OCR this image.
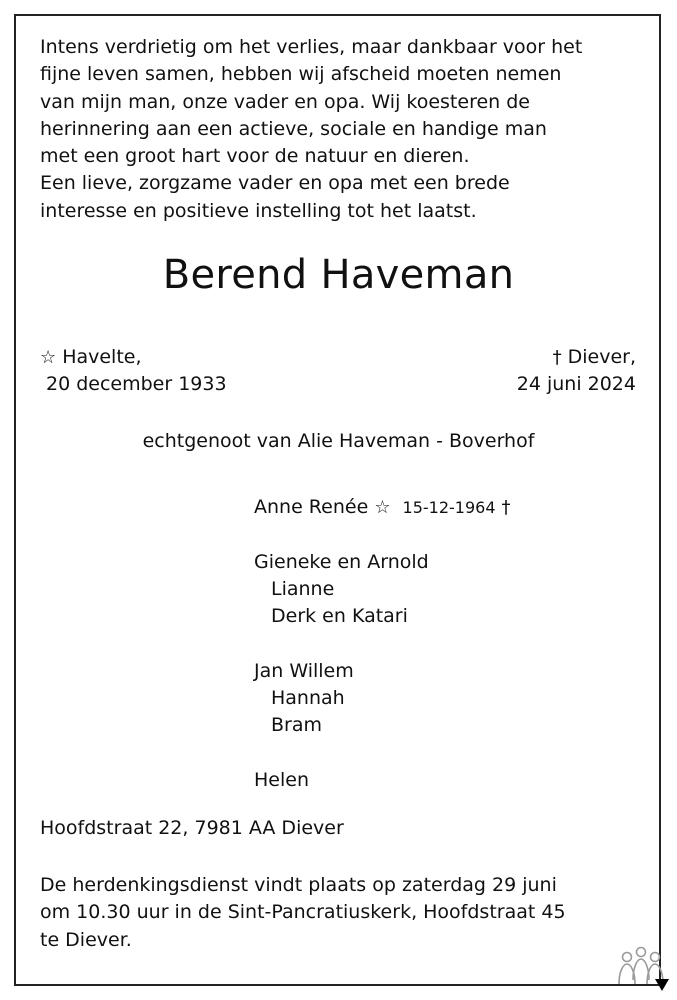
Intens verdrietig om het verlies, maar dankbaar voor het
fijne leven samen, hebben wij afscheid moeten nemen
van mijn man, onze vader en opa. Wij koesteren de
herinnering aan een actieve, sociale en handige man
met een groot hart voor de natuur en dieren.
Een lieve, zorgzame vader en opa met een brede
interesse en positieve instelling tot het laatst.
Berend Haveman
☆ Havelte,
20 december 1933
† Diever,
24 juni 2024
echtgenoot van Alie Haveman - Boverhof
Anne Renée ☆ 15-12-1964 †
Gieneke en Arnold
Lianne
Derk en Katari
Jan Willem
Hannah
Bram
Helen
Hoofdstraat 22, 7981 AA Diever
De herdenkingsdienst vindt plaats op zaterdag 29 juni
om 10.30 uur in de Sint-Pancratiuskerk, Hoofdstraat 45
te Diever.
